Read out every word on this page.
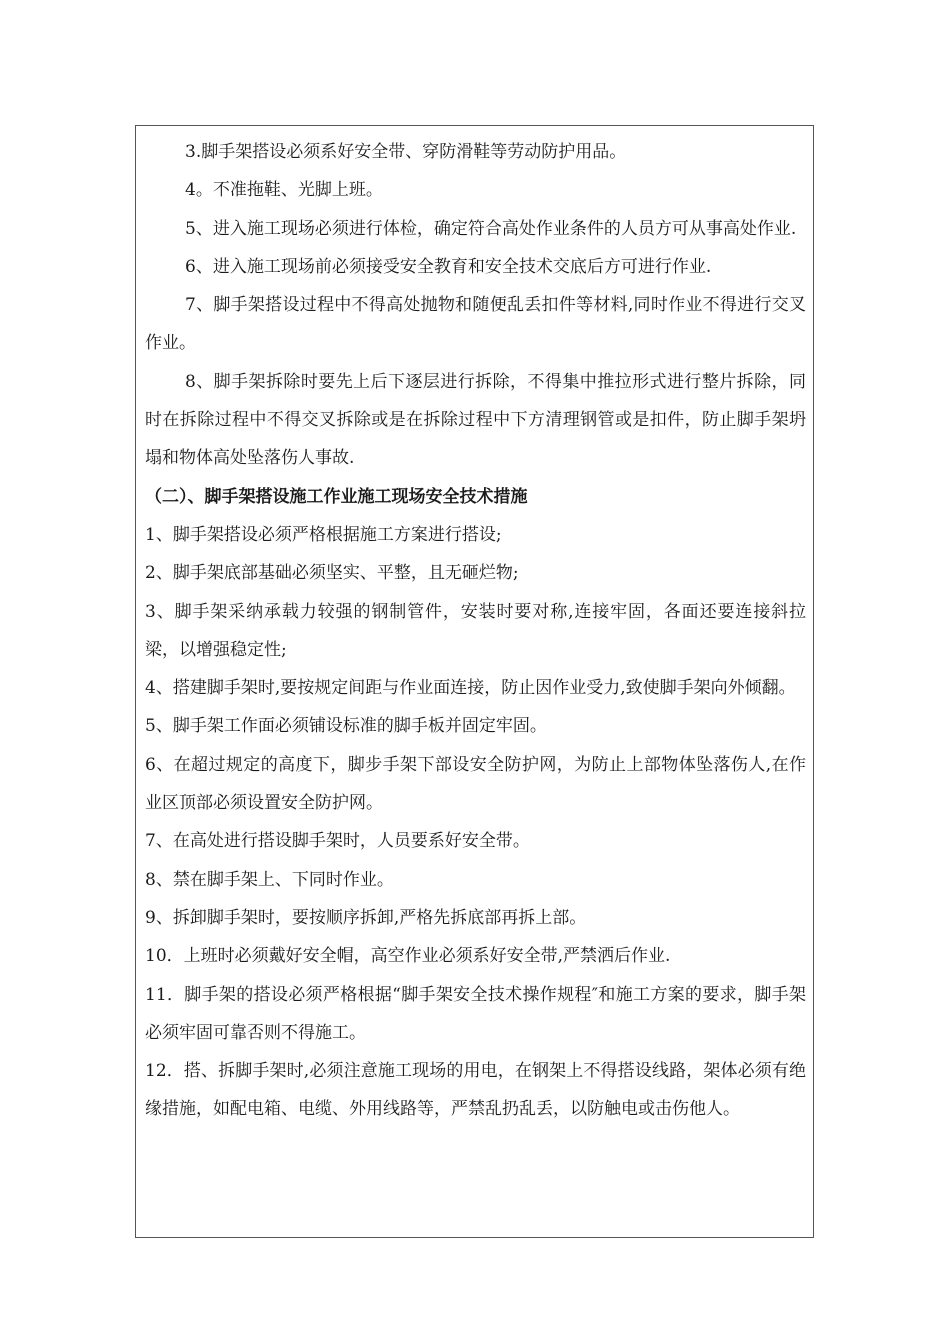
3.脚手架搭设必须系好安全带、穿防滑鞋等劳动防护用品。

4。不准拖鞋、光脚上班。

5、进入施工现场必须进行体检，确定符合高处作业条件的人员方可从事高处作业.

6、进入施工现场前必须接受安全教育和安全技术交底后方可进行作业.

7、脚手架搭设过程中不得高处抛物和随便乱丢扣件等材料,同时作业不得进行交叉作业。

8、脚手架拆除时要先上后下逐层进行拆除，不得集中推拉形式进行整片拆除，同时在拆除过程中不得交叉拆除或是在拆除过程中下方清理钢管或是扣件，防止脚手架坍塌和物体高处坠落伤人事故.

（二）、脚手架搭设施工作业施工现场安全技术措施

1、脚手架搭设必须严格根据施工方案进行搭设;

2、脚手架底部基础必须坚实、平整，且无砸烂物;

3、脚手架采纳承载力较强的钢制管件，安装时要对称,连接牢固，各面还要连接斜拉梁，以增强稳定性;

4、搭建脚手架时,要按规定间距与作业面连接，防止因作业受力,致使脚手架向外倾翻。

5、脚手架工作面必须铺设标准的脚手板并固定牢固。

6、在超过规定的高度下，脚步手架下部设安全防护网，为防止上部物体坠落伤人,在作业区顶部必须设置安全防护网。

7、在高处进行搭设脚手架时，人员要系好安全带。

8、禁在脚手架上、下同时作业。

9、拆卸脚手架时，要按顺序拆卸,严格先拆底部再拆上部。

10．上班时必须戴好安全帽，高空作业必须系好安全带,严禁洒后作业.

11．脚手架的搭设必须严格根据“脚手架安全技术操作规程″和施工方案的要求，脚手架必须牢固可靠否则不得施工。

12．搭、拆脚手架时,必须注意施工现场的用电，在钢架上不得搭设线路，架体必须有绝缘措施，如配电箱、电缆、外用线路等，严禁乱扔乱丢，以防触电或击伤他人。
